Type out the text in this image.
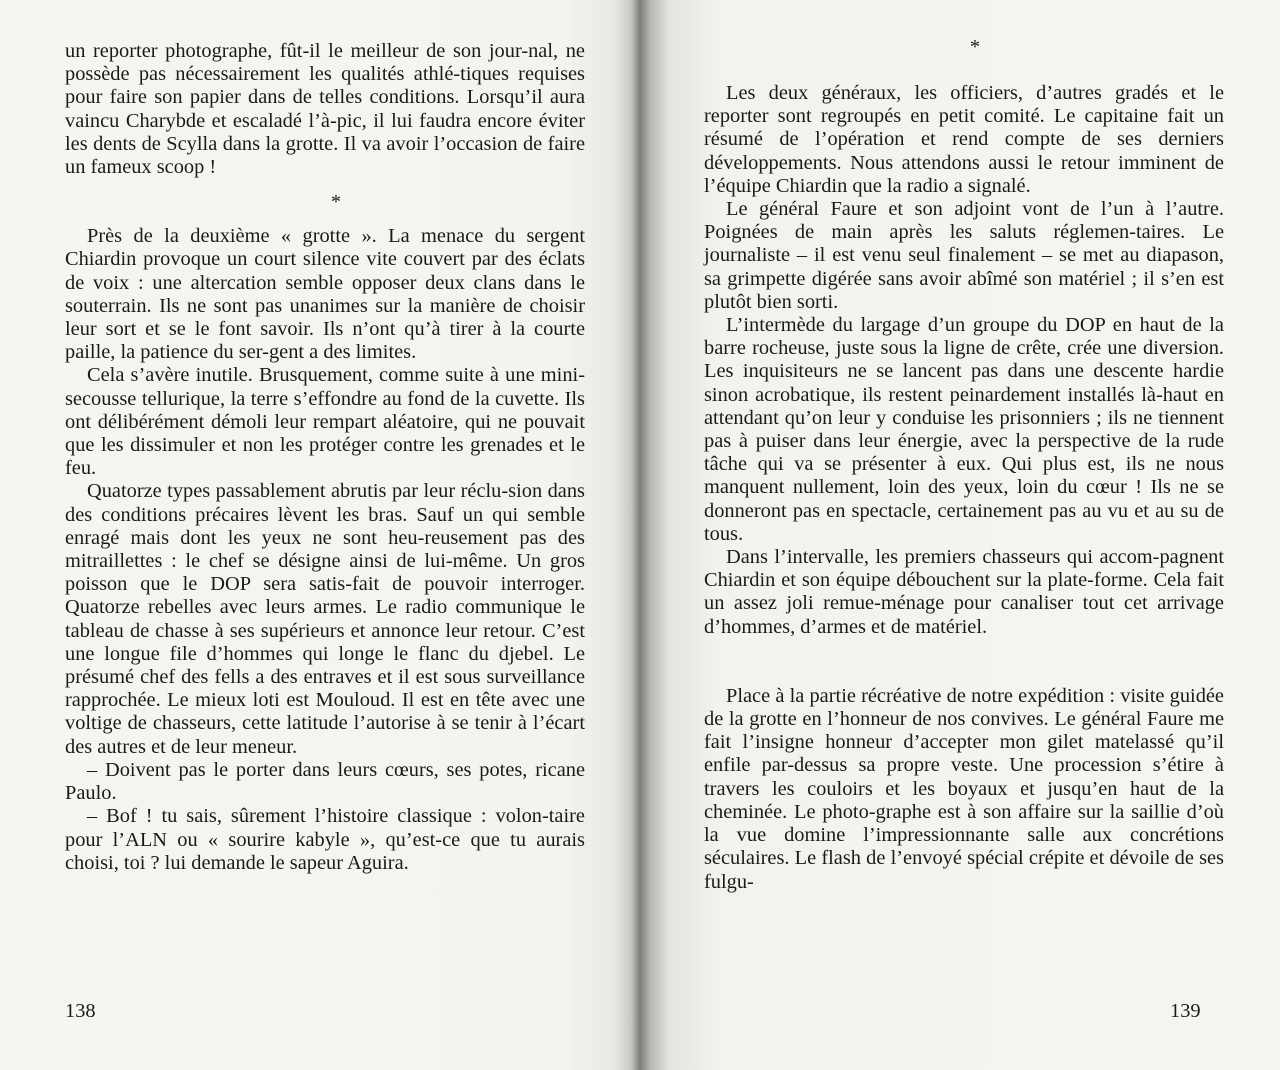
un reporter photographe, fût-il le meilleur de son jour-nal, ne possède pas nécessairement les qualités athlé-tiques requises pour faire son papier dans de telles conditions. Lorsqu’il aura vaincu Charybde et escaladé l’à-pic, il lui faudra encore éviter les dents de Scylla dans la grotte. Il va avoir l’occasion de faire un fameux scoop !

*

Près de la deuxième « grotte ». La menace du sergent Chiardin provoque un court silence vite couvert par des éclats de voix : une altercation semble opposer deux clans dans le souterrain. Ils ne sont pas unanimes sur la manière de choisir leur sort et se le font savoir. Ils n’ont qu’à tirer à la courte paille, la patience du ser-gent a des limites.

Cela s’avère inutile. Brusquement, comme suite à une mini-secousse tellurique, la terre s’effondre au fond de la cuvette. Ils ont délibérément démoli leur rempart aléatoire, qui ne pouvait que les dissimuler et non les protéger contre les grenades et le feu.

Quatorze types passablement abrutis par leur réclu-sion dans des conditions précaires lèvent les bras. Sauf un qui semble enragé mais dont les yeux ne sont heu-reusement pas des mitraillettes : le chef se désigne ainsi de lui-même. Un gros poisson que le DOP sera satis-fait de pouvoir interroger. Quatorze rebelles avec leurs armes. Le radio communique le tableau de chasse à ses supérieurs et annonce leur retour. C’est une longue file d’hommes qui longe le flanc du djebel. Le présumé chef des fells a des entraves et il est sous surveillance rapprochée. Le mieux loti est Mouloud. Il est en tête avec une voltige de chasseurs, cette latitude l’autorise à se tenir à l’écart des autres et de leur meneur.

– Doivent pas le porter dans leurs cœurs, ses potes, ricane Paulo.

– Bof ! tu sais, sûrement l’histoire classique : volon-taire pour l’ALN ou « sourire kabyle », qu’est-ce que tu aurais choisi, toi ? lui demande le sapeur Aguira.

138

*

Les deux généraux, les officiers, d’autres gradés et le reporter sont regroupés en petit comité. Le capitaine fait un résumé de l’opération et rend compte de ses derniers développements. Nous attendons aussi le retour imminent de l’équipe Chiardin que la radio a signalé.

Le général Faure et son adjoint vont de l’un à l’autre. Poignées de main après les saluts réglemen-taires. Le journaliste – il est venu seul finalement – se met au diapason, sa grimpette digérée sans avoir abîmé son matériel ; il s’en est plutôt bien sorti.

L’intermède du largage d’un groupe du DOP en haut de la barre rocheuse, juste sous la ligne de crête, crée une diversion. Les inquisiteurs ne se lancent pas dans une descente hardie sinon acrobatique, ils restent peinardement installés là-haut en attendant qu’on leur y conduise les prisonniers ; ils ne tiennent pas à puiser dans leur énergie, avec la perspective de la rude tâche qui va se présenter à eux. Qui plus est, ils ne nous manquent nullement, loin des yeux, loin du cœur ! Ils ne se donneront pas en spectacle, certainement pas au vu et au su de tous.

Dans l’intervalle, les premiers chasseurs qui accom-pagnent Chiardin et son équipe débouchent sur la plate-forme. Cela fait un assez joli remue-ménage pour canaliser tout cet arrivage d’hommes, d’armes et de matériel.

Place à la partie récréative de notre expédition : visite guidée de la grotte en l’honneur de nos convives. Le général Faure me fait l’insigne honneur d’accepter mon gilet matelassé qu’il enfile par-dessus sa propre veste. Une procession s’étire à travers les couloirs et les boyaux et jusqu’en haut de la cheminée. Le photo-graphe est à son affaire sur la saillie d’où la vue domine l’impressionnante salle aux concrétions séculaires. Le flash de l’envoyé spécial crépite et dévoile de ses fulgu-

139
